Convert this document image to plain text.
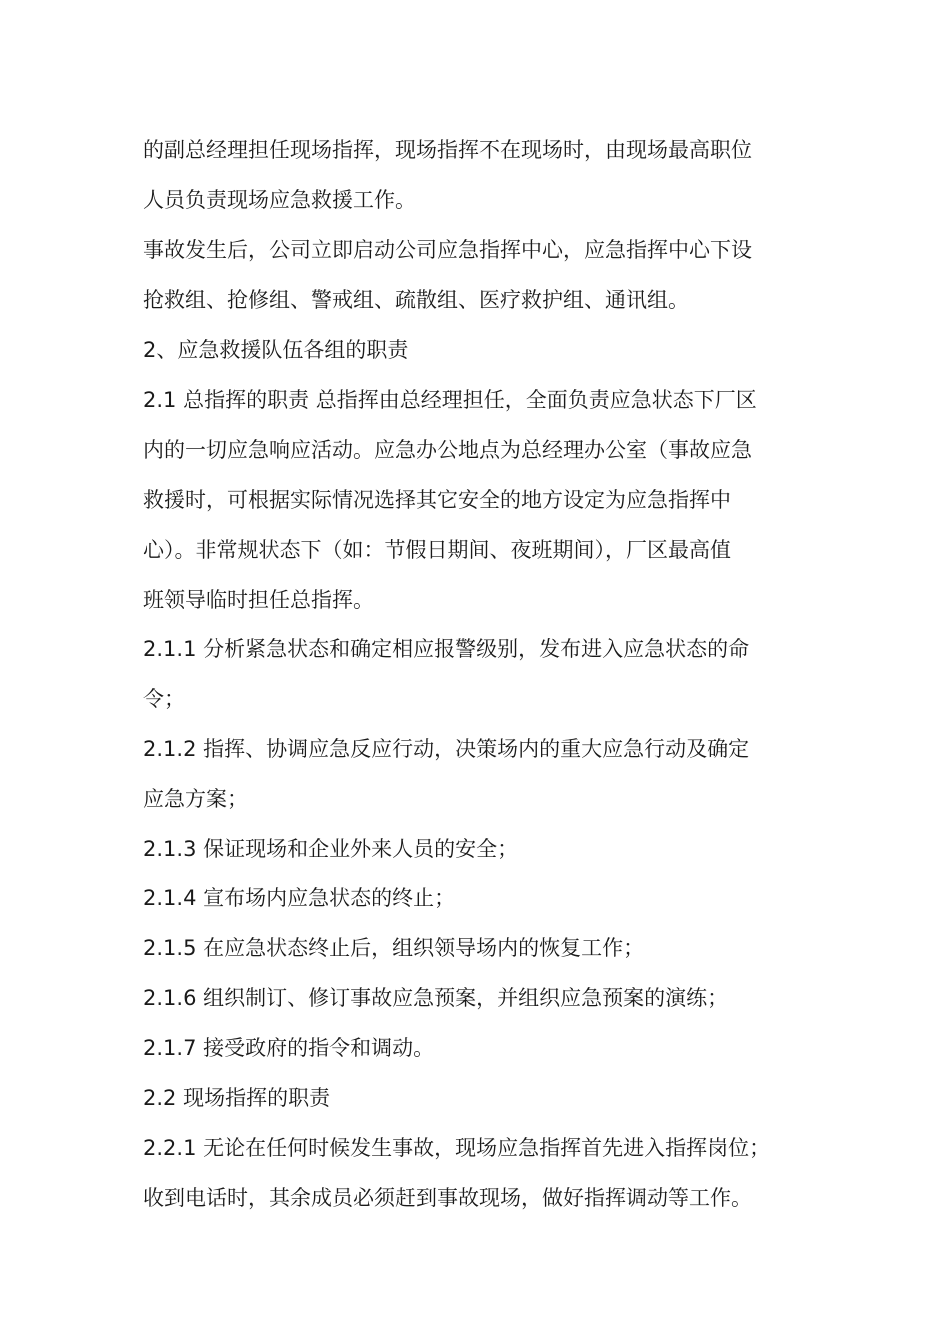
的副总经理担任现场指挥，现场指挥不在现场时，由现场最高职位
人员负责现场应急救援工作。
事故发生后，公司立即启动公司应急指挥中心，应急指挥中心下设
抢救组、抢修组、警戒组、疏散组、医疗救护组、通讯组。
2、应急救援队伍各组的职责
2.1 总指挥的职责 总指挥由总经理担任，全面负责应急状态下厂区
内的一切应急响应活动。应急办公地点为总经理办公室（事故应急
救援时，可根据实际情况选择其它安全的地方设定为应急指挥中
心）。非常规状态下（如：节假日期间、夜班期间），厂区最高值
班领导临时担任总指挥。
2.1.1 分析紧急状态和确定相应报警级别，发布进入应急状态的命
令；
2.1.2 指挥、协调应急反应行动，决策场内的重大应急行动及确定
应急方案；
2.1.3 保证现场和企业外来人员的安全；
2.1.4 宣布场内应急状态的终止；
2.1.5 在应急状态终止后，组织领导场内的恢复工作；
2.1.6 组织制订、修订事故应急预案，并组织应急预案的演练；
2.1.7 接受政府的指令和调动。
2.2 现场指挥的职责
2.2.1 无论在任何时候发生事故，现场应急指挥首先进入指挥岗位；
收到电话时，其余成员必须赶到事故现场，做好指挥调动等工作。
